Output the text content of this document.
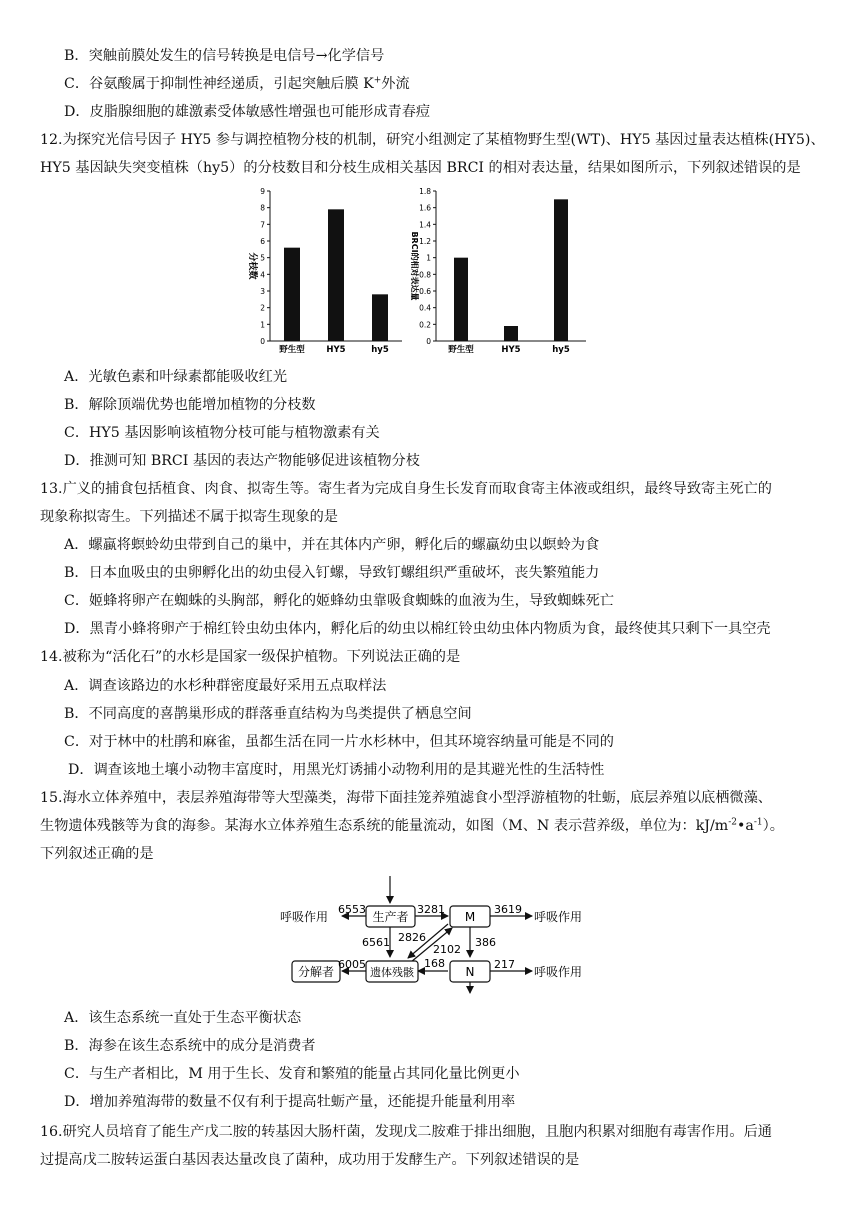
B．突触前膜处发生的信号转换是电信号→化学信号
C．谷氨酸属于抑制性神经递质，引起突触后膜 K+外流
D．皮脂腺细胞的雄激素受体敏感性增强也可能形成青春痘
12.为探究光信号因子 HY5 参与调控植物分枝的机制，研究小组测定了某植物野生型(WT)、HY5 基因过量表达植株(HY5)、
HY5 基因缺失突变植株（hy5）的分枝数目和分枝生成相关基因 BRCI 的相对表达量，结果如图所示，下列叙述错误的是
0
1
2
3
4
5
6
7
8
9
野生型	HY5	hy5
分枝数
0
0.2
0.4
0.6
0.8
1
1.2
1.4
1.6
1.8
野生型	HY5	hy5
BRCI的相对表达量
A．光敏色素和叶绿素都能吸收红光
B．解除顶端优势也能增加植物的分枝数
C．HY5 基因影响该植物分枝可能与植物激素有关
D．推测可知 BRCI 基因的表达产物能够促进该植物分枝
13.广义的捕食包括植食、肉食、拟寄生等。寄生者为完成自身生长发育而取食寄主体液或组织，最终导致寄主死亡的
现象称拟寄生。下列描述不属于拟寄生现象的是
A．螺蠃将螟蛉幼虫带到自己的巢中，并在其体内产卵，孵化后的螺蠃幼虫以螟蛉为食
B．日本血吸虫的虫卵孵化出的幼虫侵入钉螺，导致钉螺组织严重破坏，丧失繁殖能力
C．姬蜂将卵产在蜘蛛的头胸部，孵化的姬蜂幼虫靠吸食蜘蛛的血液为生，导致蜘蛛死亡
D．黑青小蜂将卵产于棉红铃虫幼虫体内，孵化后的幼虫以棉红铃虫幼虫体内物质为食，最终使其只剩下一具空壳
14.被称为“活化石”的水杉是国家一级保护植物。下列说法正确的是
A．调查该路边的水杉种群密度最好采用五点取样法
B．不同高度的喜鹊巢形成的群落垂直结构为鸟类提供了栖息空间
C．对于林中的杜鹃和麻雀，虽都生活在同一片水杉林中，但其环境容纳量可能是不同的
D．调查该地土壤小动物丰富度时，用黑光灯诱捕小动物利用的是其避光性的生活特性
15.海水立体养殖中，表层养殖海带等大型藻类，海带下面挂笼养殖滤食小型浮游植物的牡蛎，底层养殖以底栖微藻、
生物遗体残骸等为食的海参。某海水立体养殖生态系统的能量流动，如图（M、N 表示营养级，单位为：$kJ/m^{-2}•a^{-1}$）。
下列叙述正确的是
生产者	M
N
遗体残骸
分解者
呼吸作用	呼吸作用
呼吸作用
6553	3281	3619
6561 2826
2102
386
168
6005	217
A．该生态系统一直处于生态平衡状态
B．海参在该生态系统中的成分是消费者
C．与生产者相比，M 用于生长、发育和繁殖的能量占其同化量比例更小
D．增加养殖海带的数量不仅有利于提高牡蛎产量，还能提升能量利用率
16.研究人员培育了能生产戊二胺的转基因大肠杆菌，发现戊二胺难于排出细胞，且胞内积累对细胞有毒害作用。后通
过提高戊二胺转运蛋白基因表达量改良了菌种，成功用于发酵生产。下列叙述错误的是
